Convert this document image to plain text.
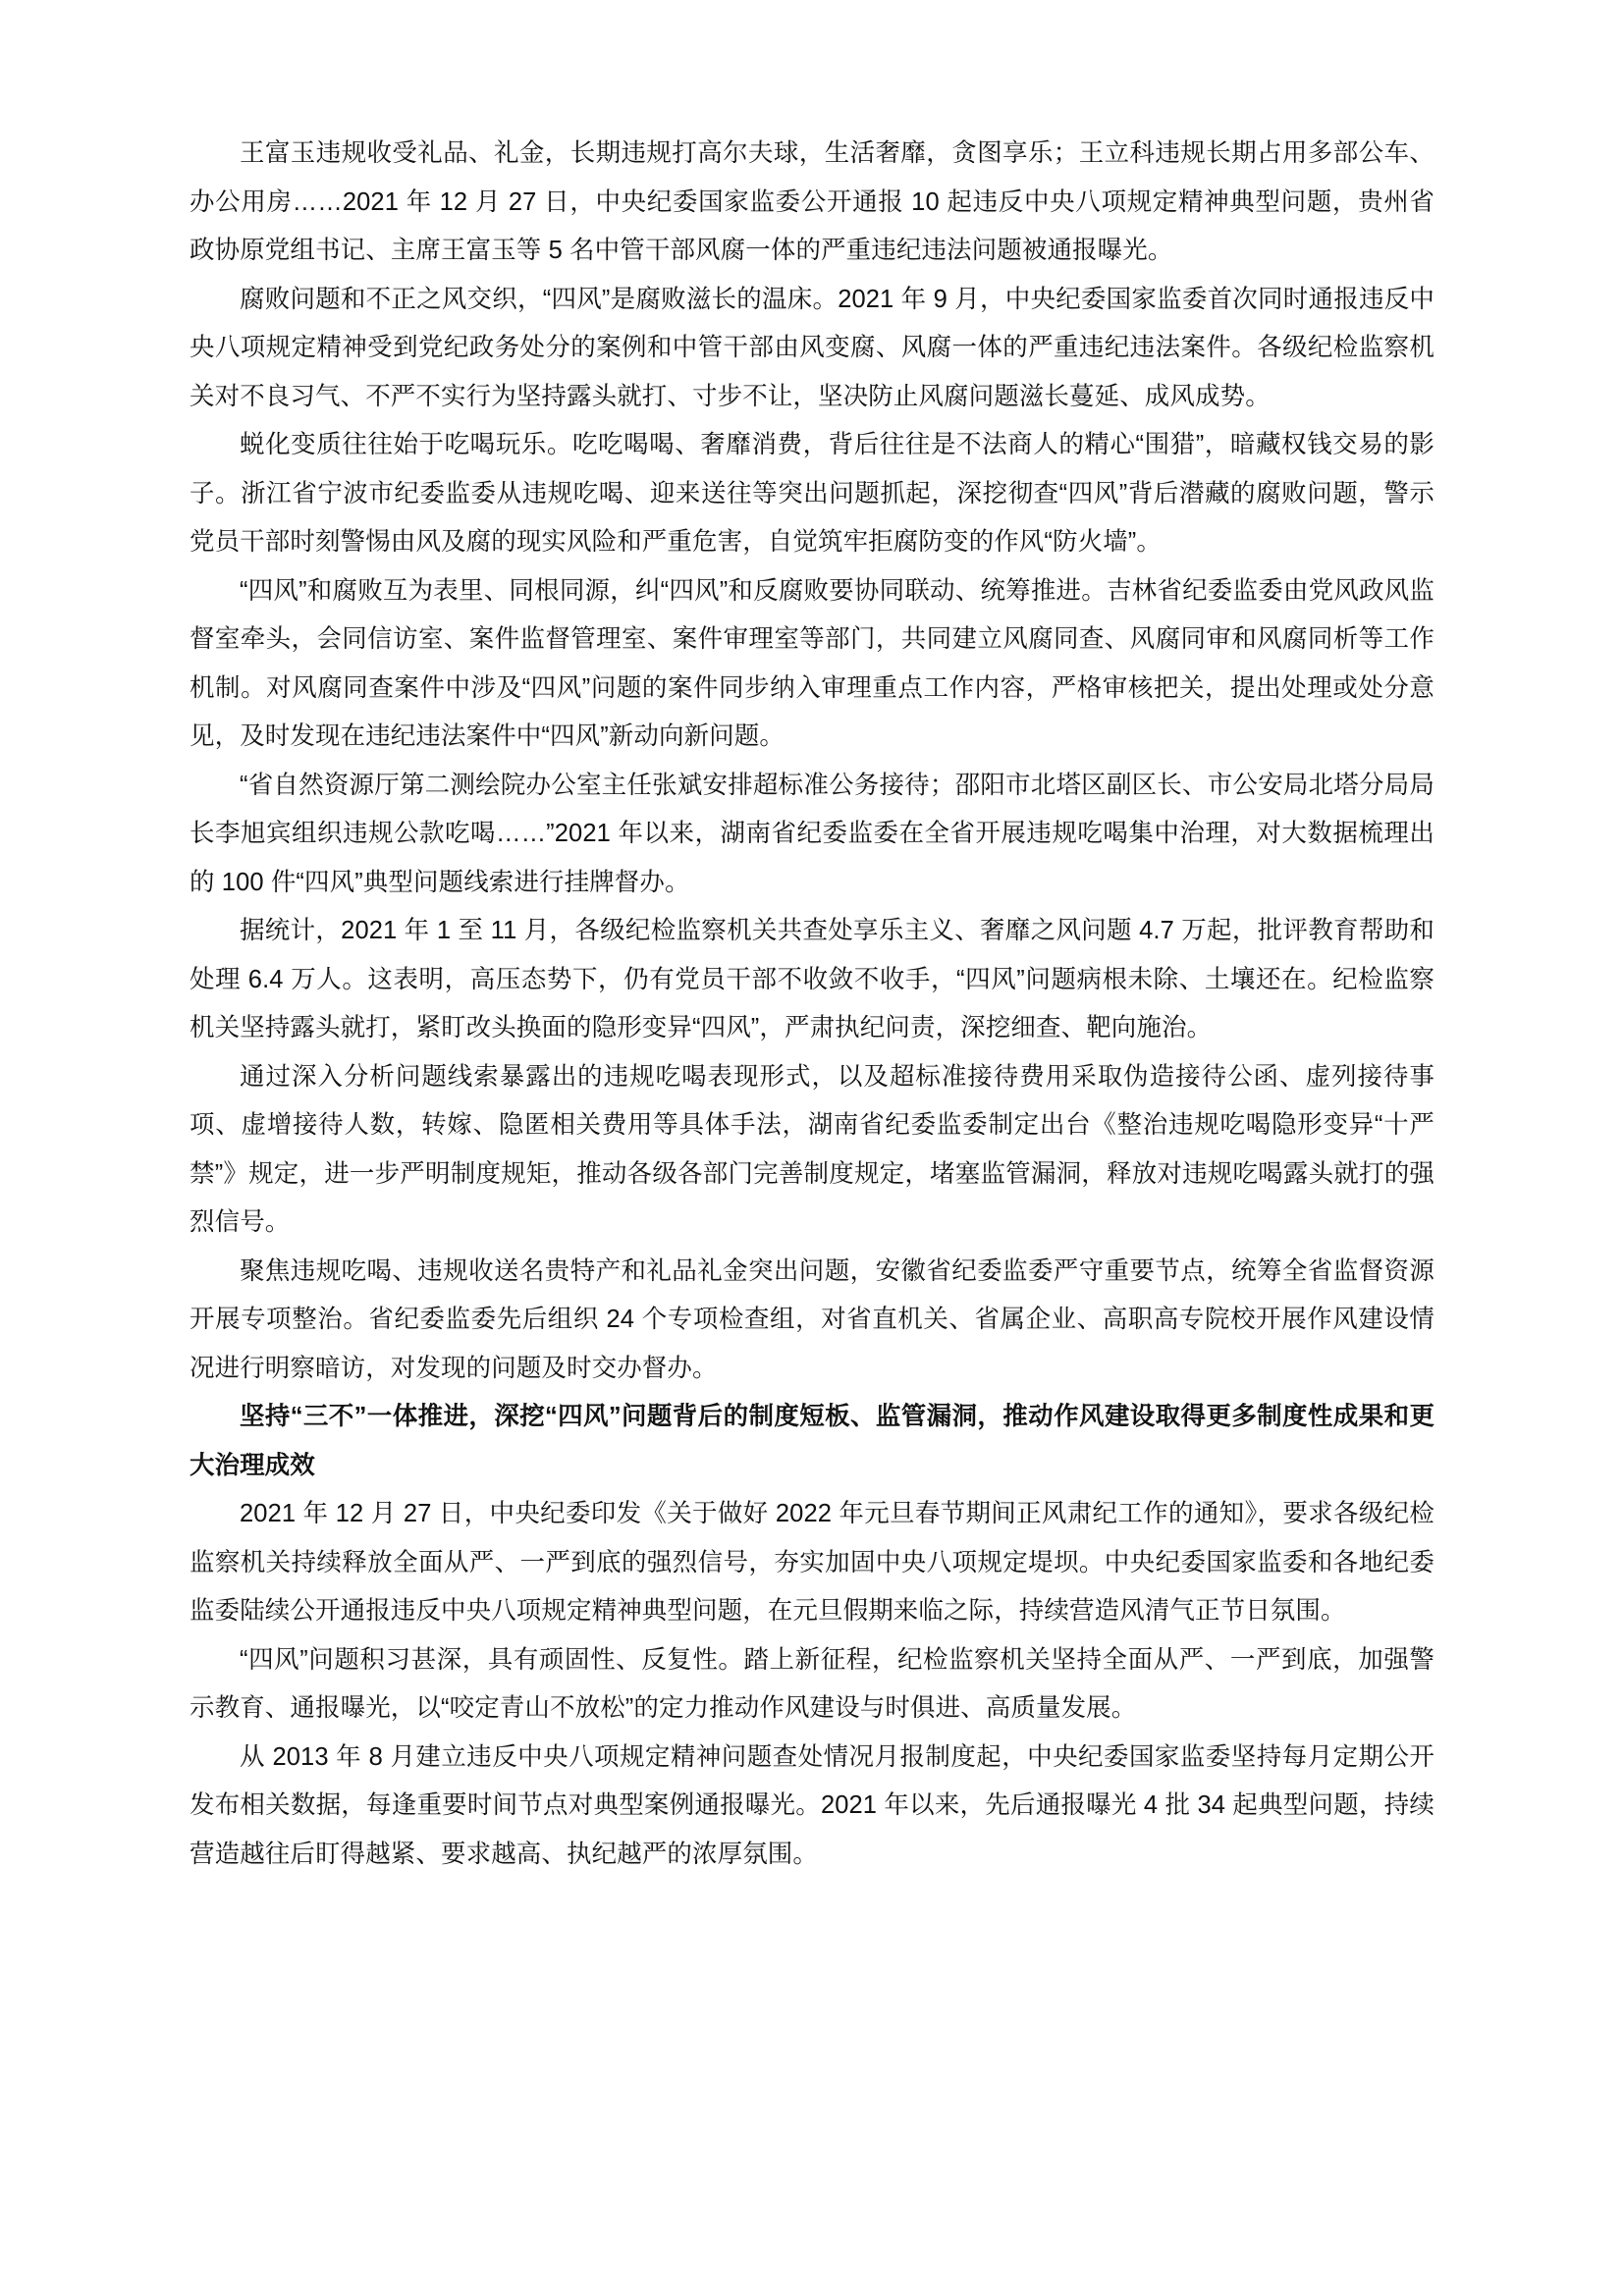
王富玉违规收受礼品、礼金，长期违规打高尔夫球，生活奢靡，贪图享乐；王立科违规长期占用多部公车、办公用房……2021 年 12 月 27 日，中央纪委国家监委公开通报 10 起违反中央八项规定精神典型问题，贵州省政协原党组书记、主席王富玉等 5 名中管干部风腐一体的严重违纪违法问题被通报曝光。

腐败问题和不正之风交织，“四风”是腐败滋长的温床。2021 年 9 月，中央纪委国家监委首次同时通报违反中央八项规定精神受到党纪政务处分的案例和中管干部由风变腐、风腐一体的严重违纪违法案件。各级纪检监察机关对不良习气、不严不实行为坚持露头就打、寸步不让，坚决防止风腐问题滋长蔓延、成风成势。

蜕化变质往往始于吃喝玩乐。吃吃喝喝、奢靡消费，背后往往是不法商人的精心“围猎”，暗藏权钱交易的影子。浙江省宁波市纪委监委从违规吃喝、迎来送往等突出问题抓起，深挖彻查“四风”背后潜藏的腐败问题，警示党员干部时刻警惕由风及腐的现实风险和严重危害，自觉筑牢拒腐防变的作风“防火墙”。

“四风”和腐败互为表里、同根同源，纠“四风”和反腐败要协同联动、统筹推进。吉林省纪委监委由党风政风监督室牵头，会同信访室、案件监督管理室、案件审理室等部门，共同建立风腐同查、风腐同审和风腐同析等工作机制。对风腐同查案件中涉及“四风”问题的案件同步纳入审理重点工作内容，严格审核把关，提出处理或处分意见，及时发现在违纪违法案件中“四风”新动向新问题。

“省自然资源厅第二测绘院办公室主任张斌安排超标准公务接待；邵阳市北塔区副区长、市公安局北塔分局局长李旭宾组织违规公款吃喝……”2021 年以来，湖南省纪委监委在全省开展违规吃喝集中治理，对大数据梳理出的 100 件“四风”典型问题线索进行挂牌督办。

据统计，2021 年 1 至 11 月，各级纪检监察机关共查处享乐主义、奢靡之风问题 4.7 万起，批评教育帮助和处理 6.4 万人。这表明，高压态势下，仍有党员干部不收敛不收手，“四风”问题病根未除、土壤还在。纪检监察机关坚持露头就打，紧盯改头换面的隐形变异“四风”，严肃执纪问责，深挖细查、靶向施治。

通过深入分析问题线索暴露出的违规吃喝表现形式，以及超标准接待费用采取伪造接待公函、虚列接待事项、虚增接待人数，转嫁、隐匿相关费用等具体手法，湖南省纪委监委制定出台《整治违规吃喝隐形变异“十严禁”》规定，进一步严明制度规矩，推动各级各部门完善制度规定，堵塞监管漏洞，释放对违规吃喝露头就打的强烈信号。

聚焦违规吃喝、违规收送名贵特产和礼品礼金突出问题，安徽省纪委监委严守重要节点，统筹全省监督资源开展专项整治。省纪委监委先后组织 24 个专项检查组，对省直机关、省属企业、高职高专院校开展作风建设情况进行明察暗访，对发现的问题及时交办督办。

坚持“三不”一体推进，深挖“四风”问题背后的制度短板、监管漏洞，推动作风建设取得更多制度性成果和更大治理成效

2021 年 12 月 27 日，中央纪委印发《关于做好 2022 年元旦春节期间正风肃纪工作的通知》，要求各级纪检监察机关持续释放全面从严、一严到底的强烈信号，夯实加固中央八项规定堤坝。中央纪委国家监委和各地纪委监委陆续公开通报违反中央八项规定精神典型问题，在元旦假期来临之际，持续营造风清气正节日氛围。

“四风”问题积习甚深，具有顽固性、反复性。踏上新征程，纪检监察机关坚持全面从严、一严到底，加强警示教育、通报曝光，以“咬定青山不放松”的定力推动作风建设与时俱进、高质量发展。

从 2013 年 8 月建立违反中央八项规定精神问题查处情况月报制度起，中央纪委国家监委坚持每月定期公开发布相关数据，每逢重要时间节点对典型案例通报曝光。2021 年以来，先后通报曝光 4 批 34 起典型问题，持续营造越往后盯得越紧、要求越高、执纪越严的浓厚氛围。
